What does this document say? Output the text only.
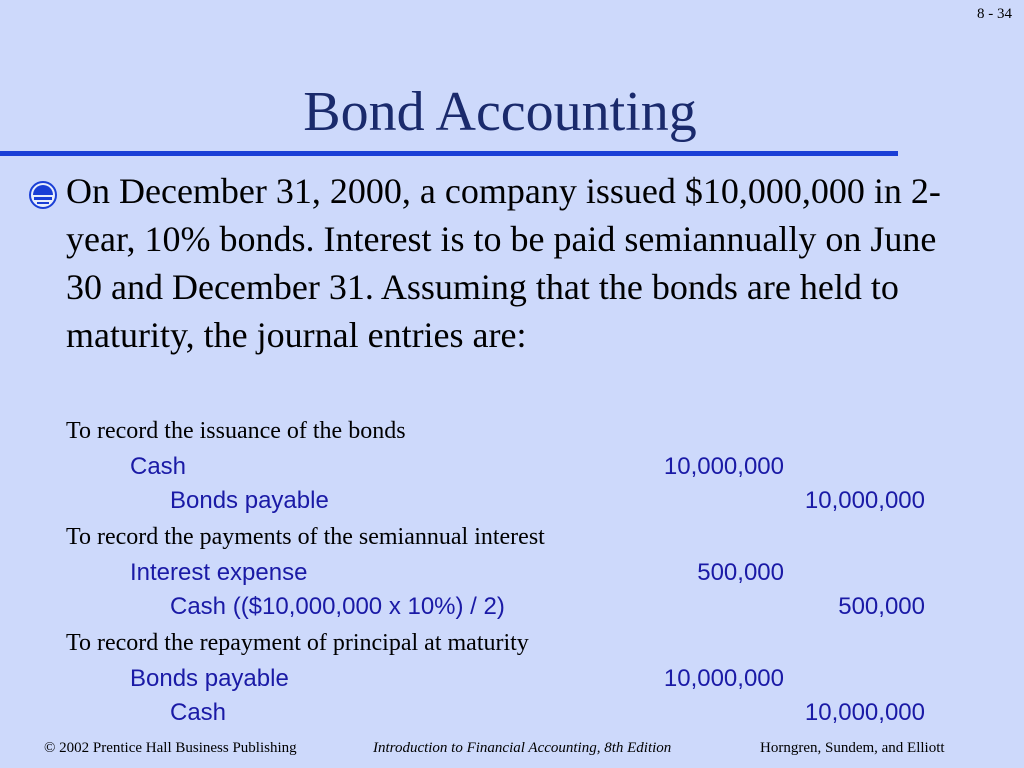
8 - 34
Bond Accounting
On December 31, 2000, a company issued $10,000,000 in 2-year, 10% bonds. Interest is to be paid semiannually on June 30 and December 31. Assuming that the bonds are held to maturity, the journal entries are:
To record the issuance of the bonds
Cash	10,000,000
Bonds payable	10,000,000
To record the payments of the semiannual interest
Interest expense	500,000
Cash (($10,000,000 x 10%) / 2)	500,000
To record the repayment of principal at maturity
Bonds payable	10,000,000
Cash	10,000,000
© 2002 Prentice Hall Business Publishing	Introduction to Financial Accounting, 8th Edition	Horngren, Sundem, and Elliott
